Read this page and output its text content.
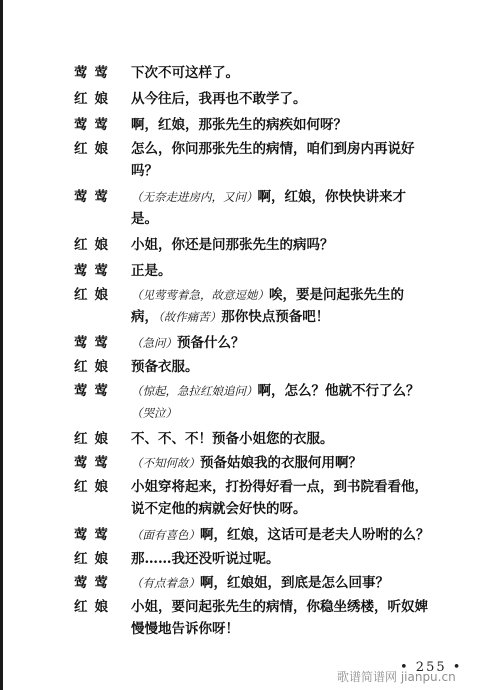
莺莺	下次不可这样了。
红娘	从今往后，我再也不敢学了。
莺莺	啊，红娘，那张先生的病疾如何呀？
红娘	怎么，你问那张先生的病情，咱们到房内再说好
吗？
莺莺	（无奈走进房内，又问）啊，红娘，你快快讲来才
是。
红娘	小姐，你还是问那张先生的病吗？
莺莺	正是。
红娘	（见莺莺着急，故意逗她）唉，要是问起张先生的
病，（故作痛苦）那你快点预备吧！
莺莺	（急问）预备什么？
红娘	预备衣服。
莺莺	（惊起，急拉红娘追问）啊，怎么？他就不行了么？
（哭泣）
红娘	不、不、不！预备小姐您的衣服。
莺莺	（不知何故）预备姑娘我的衣服何用啊？
红娘	小姐穿将起来，打扮得好看一点，到书院看看他，
说不定他的病就会好快的呀。
莺莺	（面有喜色）啊，红娘，这话可是老夫人吩咐的么？
红娘	那……我还没听说过呢。
莺莺	（有点着急）啊，红娘姐，到底是怎么回事？
红娘	小姐，要问起张先生的病情，你稳坐绣楼，听奴婢
慢慢地告诉你呀！
• 255 •
歌谱简谱网 jianpu.cn
